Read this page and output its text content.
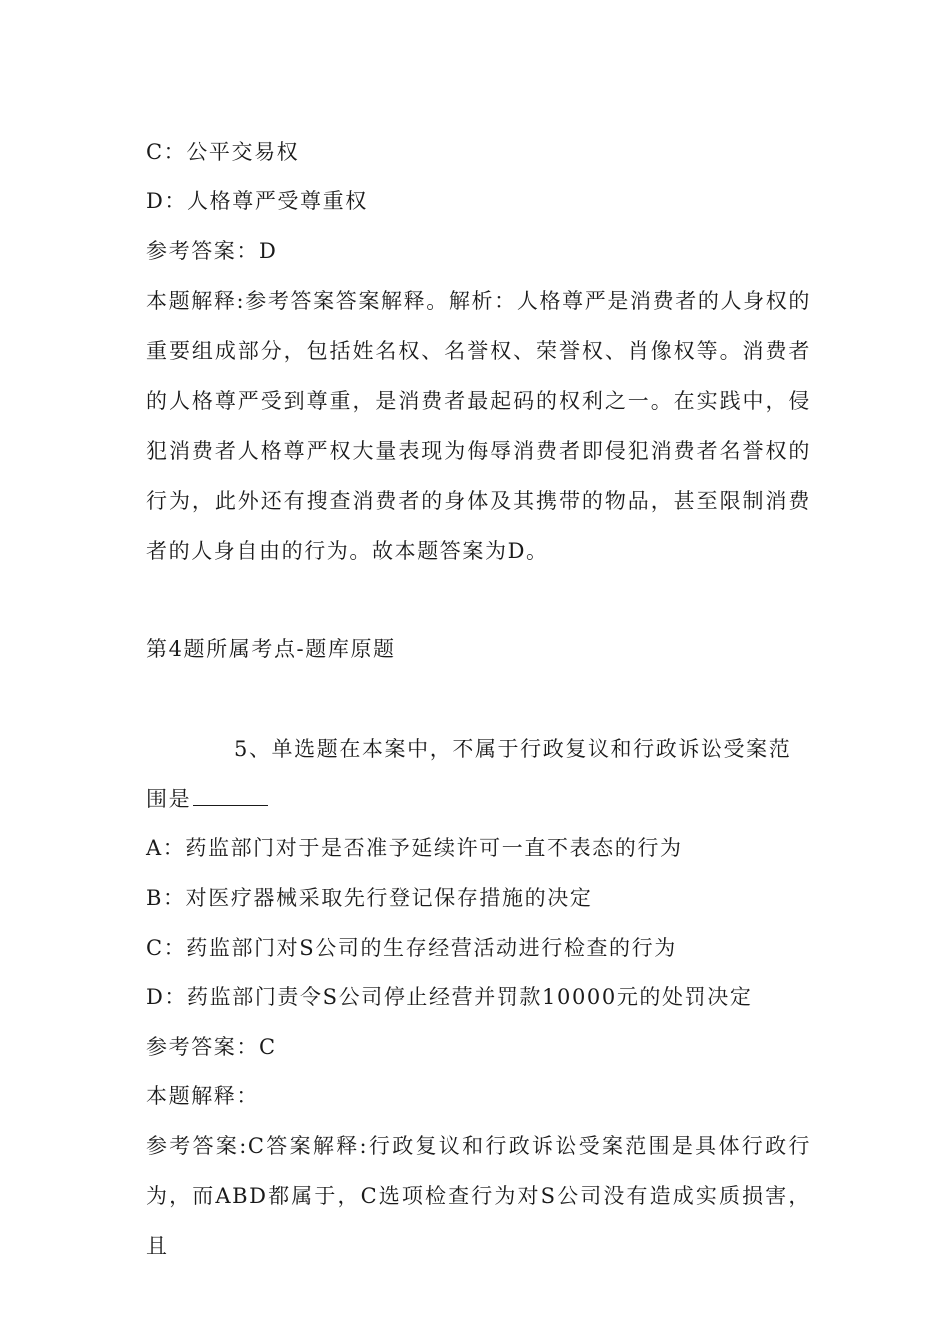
C：公平交易权
D：人格尊严受尊重权
参考答案：D
本题解释:参考答案答案解释。解析：人格尊严是消费者的人身权的重要组成部分，包括姓名权、名誉权、荣誉权、肖像权等。消费者的人格尊严受到尊重，是消费者最起码的权利之一。在实践中，侵犯消费者人格尊严权大量表现为侮辱消费者即侵犯消费者名誉权的行为，此外还有搜查消费者的身体及其携带的物品，甚至限制消费者的人身自由的行为。故本题答案为D。
第4题所属考点-题库原题
5、单选题在本案中，不属于行政复议和行政诉讼受案范围是
A：药监部门对于是否准予延续许可一直不表态的行为
B：对医疗器械采取先行登记保存措施的决定
C：药监部门对S公司的生存经营活动进行检查的行为
D：药监部门责令S公司停止经营并罚款10000元的处罚决定
参考答案：C
本题解释：
参考答案:C答案解释:行政复议和行政诉讼受案范围是具体行政行为，而ABD都属于，C选项检查行为对S公司没有造成实质损害，且
